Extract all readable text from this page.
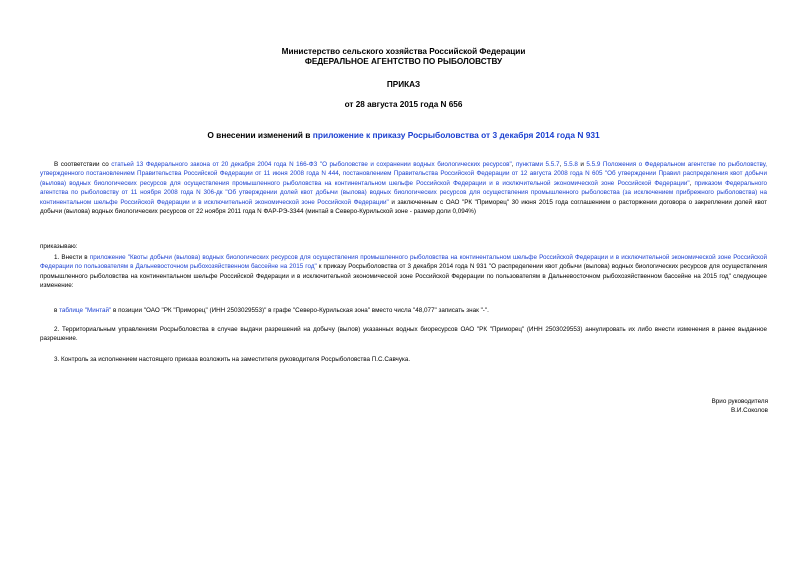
Министерство сельского хозяйства Российской Федерации
ФЕДЕРАЛЬНОЕ АГЕНТСТВО ПО РЫБОЛОВСТВУ
ПРИКАЗ
от 28 августа 2015 года N 656
О внесении изменений в приложение к приказу Росрыболовства от 3 декабря 2014 года N 931
В соответствии со статьей 13 Федерального закона от 20 декабря 2004 года N 166-ФЗ "О рыболовстве и сохранении водных биологических ресурсов", пунктами 5.5.7, 5.5.8 и 5.5.9 Положения о Федеральном агентстве по рыболовству, утвержденного постановлением Правительства Российской Федерации от 11 июня 2008 года N 444, постановлением Правительства Российской Федерации от 12 августа 2008 года N 605 "Об утверждении Правил распределения квот добычи (вылова) водных биологических ресурсов для осуществления промышленного рыболовства на континентальном шельфе Российской Федерации и в исключительной экономической зоне Российской Федерации", приказом Федерального агентства по рыболовству от 11 ноября 2008 года N 306-дк "Об утверждении долей квот добычи (вылова) водных биологических ресурсов для осуществления промышленного рыболовства (за исключением прибрежного рыболовства) на континентальном шельфе Российской Федерации и в исключительной экономической зоне Российской Федерации" и заключенным с ОАО "РК "Приморец" 30 июня 2015 года соглашением о расторжении договора о закреплении долей квот добычи (вылова) водных биологических ресурсов от 22 ноября 2011 года N ФАР-РЭ-3344 (минтай в Северо-Курильской зоне - размер доли 0,094%)
приказываю:
1. Внести в приложение "Квоты добычи (вылова) водных биологических ресурсов для осуществления промышленного рыболовства на континентальном шельфе Российской Федерации и в исключительной экономической зоне Российской Федерации по пользователям в Дальневосточном рыбохозяйственном бассейне на 2015 год" к приказу Росрыболовства от 3 декабря 2014 года N 931 "О распределении квот добычи (вылова) водных биологических ресурсов для осуществления промышленного рыболовства на континентальном шельфе Российской Федерации и в исключительной экономической зоне Российской Федерации по пользователям в Дальневосточном рыбохозяйственном бассейне на 2015 год" следующее изменение:
в таблице "Минтай" в позиции "ОАО "РК "Приморец" (ИНН 2503029553)" в графе "Северо-Курильская зона" вместо числа "48,077" записать знак "-".
2. Территориальным управлениям Росрыболовства в случае выдачи разрешений на добычу (вылов) указанных водных биоресурсов ОАО "РК "Приморец" (ИНН 2503029553) аннулировать их либо внести изменения в ранее выданное разрешение.
3. Контроль за исполнением настоящего приказа возложить на заместителя руководителя Росрыболовства П.С.Савчука.
Врио руководителя
В.И.Соколов
